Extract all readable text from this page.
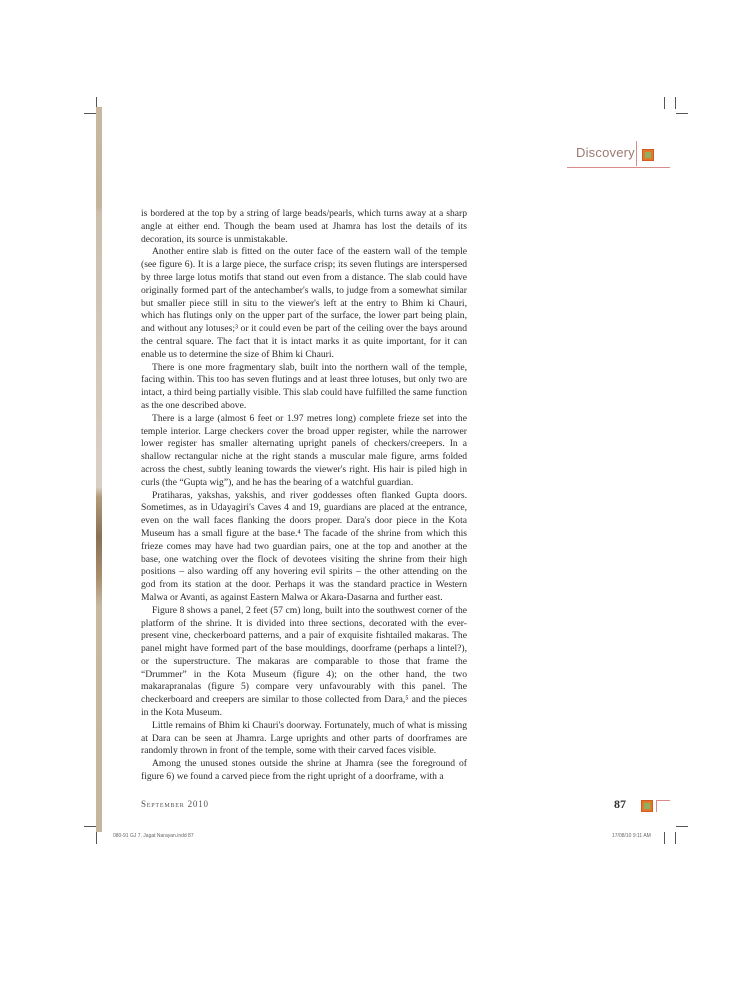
Discovery

is bordered at the top by a string of large beads/pearls, which turns away at a sharp angle at either end. Though the beam used at Jhamra has lost the details of its decoration, its source is unmistakable.

Another entire slab is fitted on the outer face of the eastern wall of the temple (see figure 6). It is a large piece, the surface crisp; its seven flutings are interspersed by three large lotus motifs that stand out even from a distance. The slab could have originally formed part of the antechamber's walls, to judge from a somewhat similar but smaller piece still in situ to the viewer's left at the entry to Bhim ki Chauri, which has flutings only on the upper part of the surface, the lower part being plain, and without any lotuses;³ or it could even be part of the ceiling over the bays around the central square. The fact that it is intact marks it as quite important, for it can enable us to determine the size of Bhim ki Chauri.

There is one more fragmentary slab, built into the northern wall of the temple, facing within. This too has seven flutings and at least three lotuses, but only two are intact, a third being partially visible. This slab could have fulfilled the same function as the one described above.

There is a large (almost 6 feet or 1.97 metres long) complete frieze set into the temple interior. Large checkers cover the broad upper register, while the narrower lower register has smaller alternating upright panels of checkers/creepers. In a shallow rectangular niche at the right stands a muscular male figure, arms folded across the chest, subtly leaning towards the viewer's right. His hair is piled high in curls (the “Gupta wig”), and he has the bearing of a watchful guardian.

Pratiharas, yakshas, yakshis, and river goddesses often flanked Gupta doors. Sometimes, as in Udayagiri's Caves 4 and 19, guardians are placed at the entrance, even on the wall faces flanking the doors proper. Dara's door piece in the Kota Museum has a small figure at the base.⁴ The facade of the shrine from which this frieze comes may have had two guardian pairs, one at the top and another at the base, one watching over the flock of devotees visiting the shrine from their high positions – also warding off any hovering evil spirits – the other attending on the god from its station at the door. Perhaps it was the standard practice in Western Malwa or Avanti, as against Eastern Malwa or Akara-Dasarna and further east.

Figure 8 shows a panel, 2 feet (57 cm) long, built into the southwest corner of the platform of the shrine. It is divided into three sections, decorated with the ever-present vine, checkerboard patterns, and a pair of exquisite fishtailed makaras. The panel might have formed part of the base mouldings, doorframe (perhaps a lintel?), or the superstructure. The makaras are comparable to those that frame the “Drummer” in the Kota Museum (figure 4); on the other hand, the two makarapranalas (figure 5) compare very unfavourably with this panel. The checkerboard and creepers are similar to those collected from Dara,⁵ and the pieces in the Kota Museum.

Little remains of Bhim ki Chauri's doorway. Fortunately, much of what is missing at Dara can be seen at Jhamra. Large uprights and other parts of doorframes are randomly thrown in front of the temple, some with their carved faces visible.

Among the unused stones outside the shrine at Jhamra (see the foreground of figure 6) we found a carved piece from the right upright of a doorframe, with a

September 2010	87
080-91 GJ 7. Jagat Narayan.indd 87	17/08/10 9:11 AM
